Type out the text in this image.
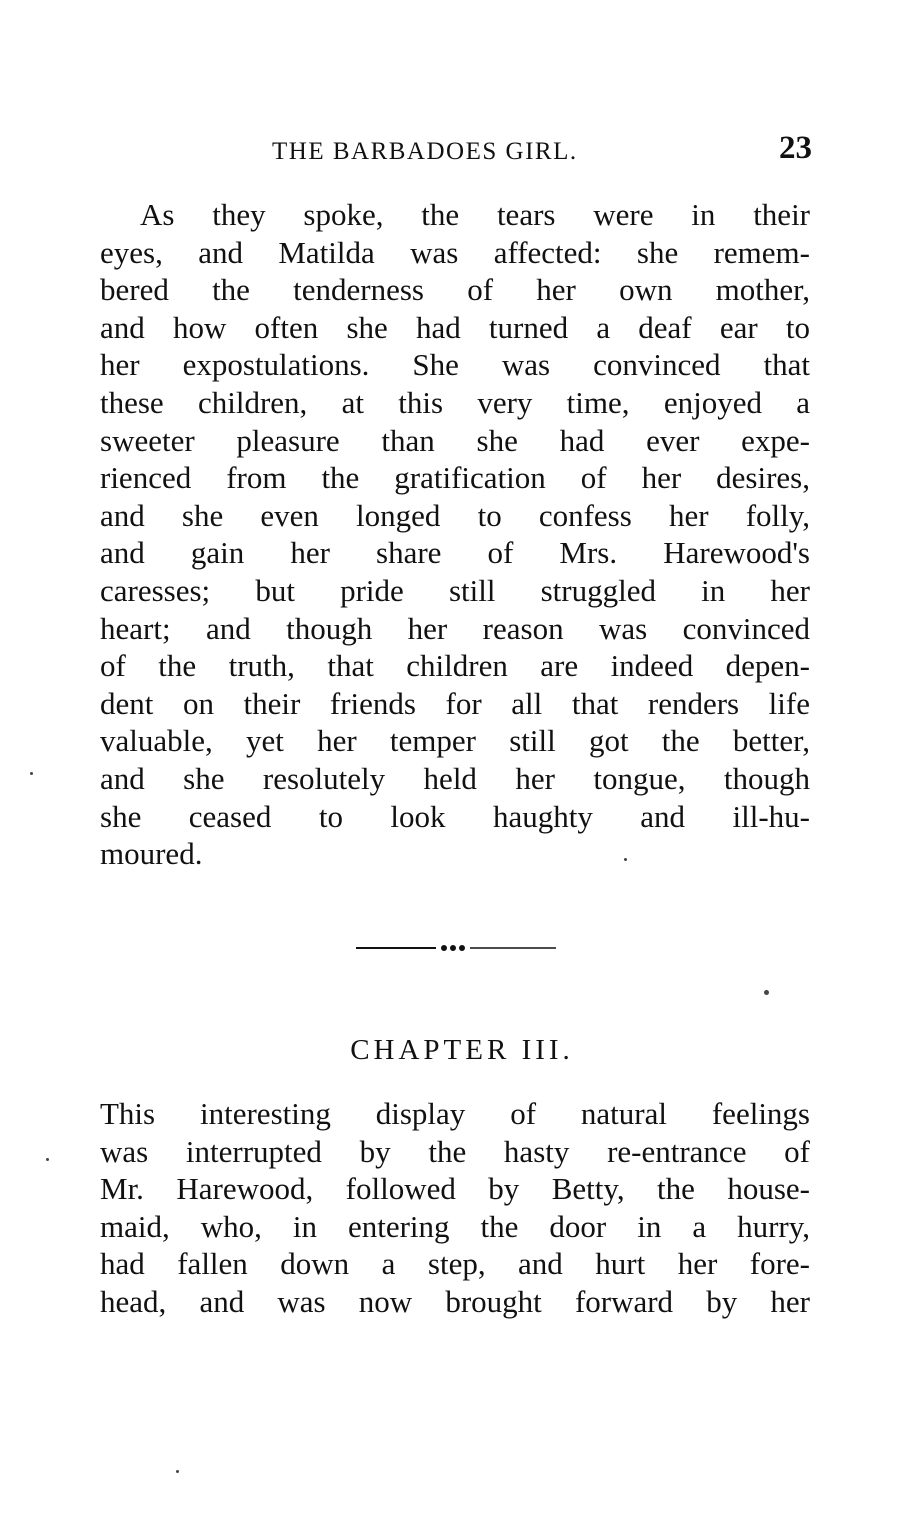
THE BARBADOES GIRL.	23
As they spoke, the tears were in their
eyes, and Matilda was affected: she remem-
bered the tenderness of her own mother,
and how often she had turned a deaf ear to
her expostulations. She was convinced that
these children, at this very time, enjoyed a
sweeter pleasure than she had ever expe-
rienced from the gratification of her desires,
and she even longed to confess her folly,
and gain her share of Mrs. Harewood's
caresses; but pride still struggled in her
heart; and though her reason was convinced
of the truth, that children are indeed depen-
dent on their friends for all that renders life
valuable, yet her temper still got the better,
and she resolutely held her tongue, though
she ceased to look haughty and ill-hu-
moured.
CHAPTER III.
This interesting display of natural feelings
was interrupted by the hasty re-entrance of
Mr. Harewood, followed by Betty, the house-
maid, who, in entering the door in a hurry,
had fallen down a step, and hurt her fore-
head, and was now brought forward by her
